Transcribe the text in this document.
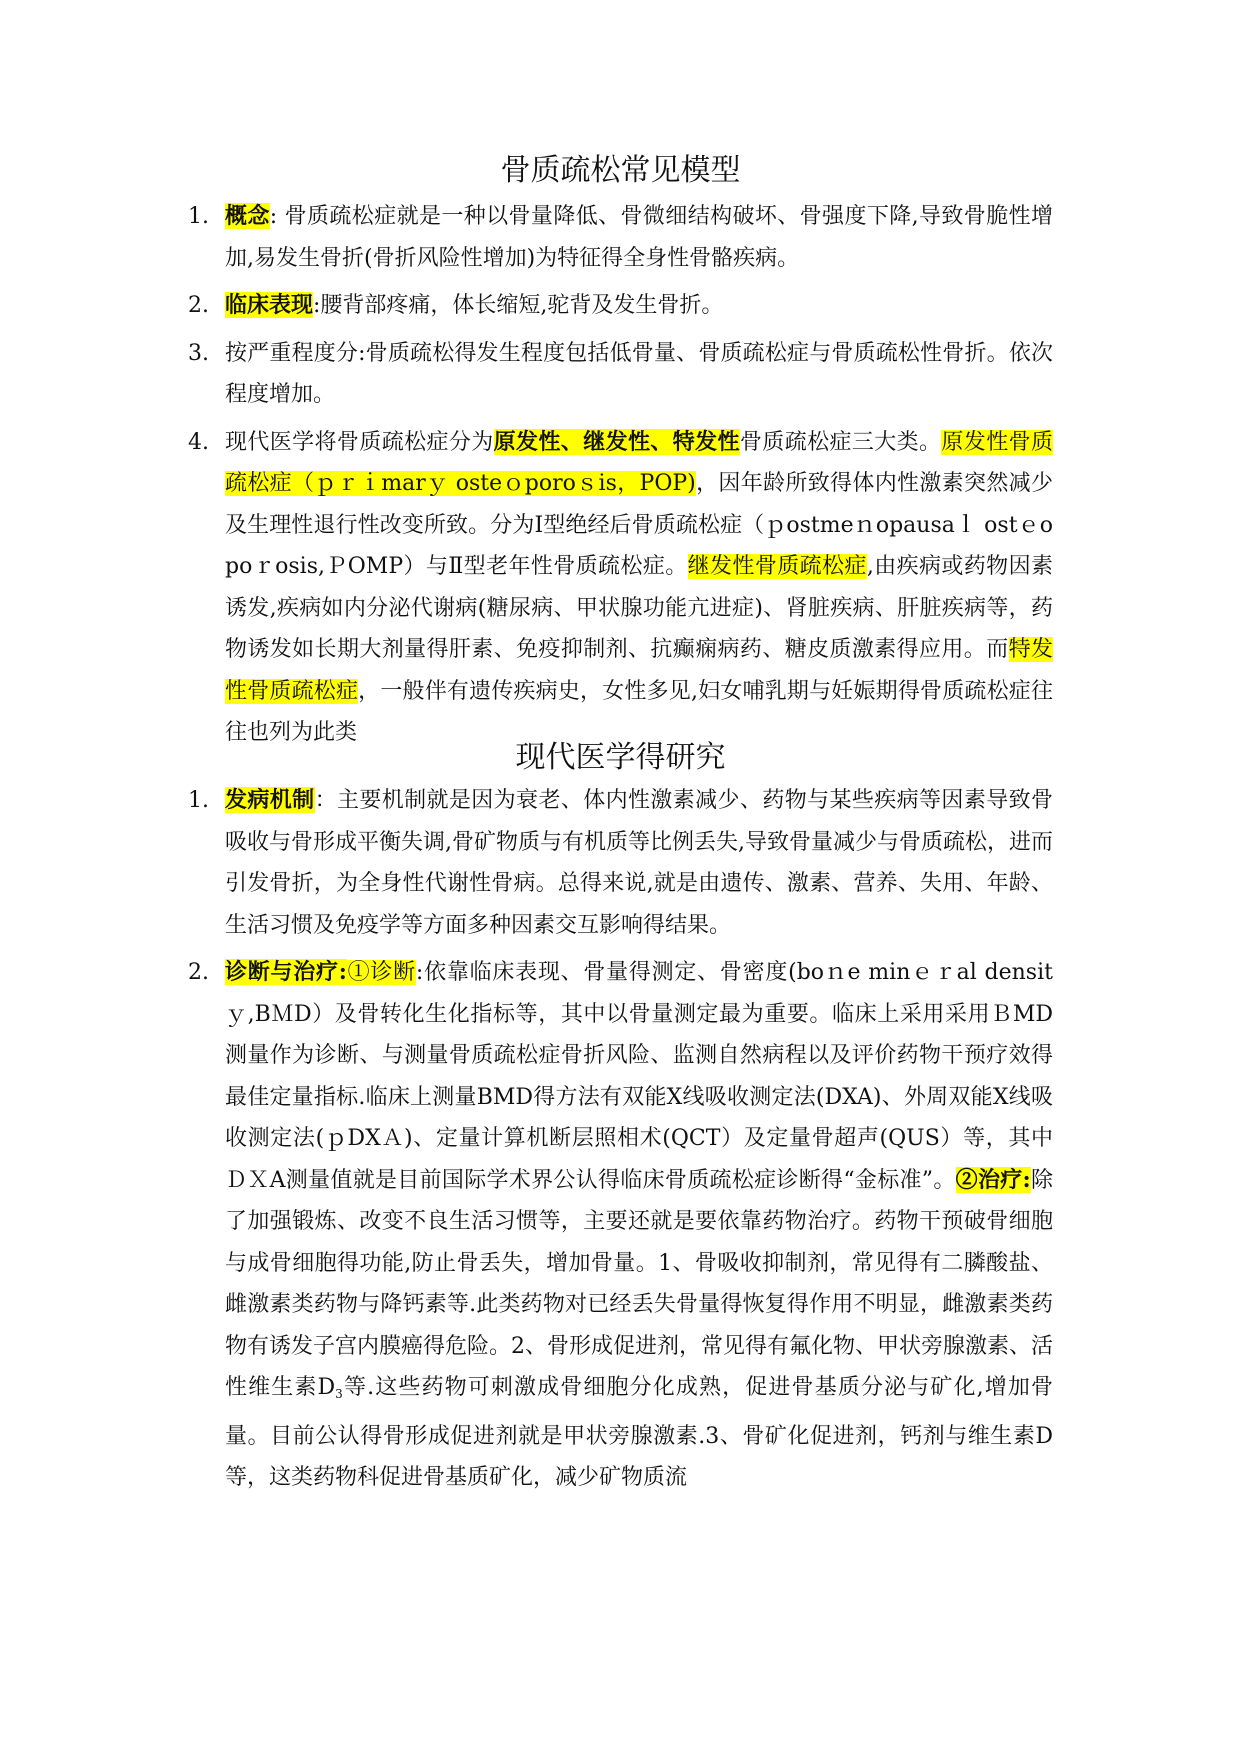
骨质疏松常见模型
1. 概念: 骨质疏松症就是一种以骨量降低、骨微细结构破坏、骨强度下降,导致骨脆性增加,易发生骨折(骨折风险性增加)为特征得全身性骨骼疾病。
2. 临床表现:腰背部疼痛，体长缩短,驼背及发生骨折。
3. 按严重程度分:骨质疏松得发生程度包括低骨量、骨质疏松症与骨质疏松性骨折。依次程度增加。
4. 现代医学将骨质疏松症分为原发性、继发性、特发性骨质疏松症三大类。原发性骨质疏松症（ｐｒｉmarｙ osteｏporoｓis，POP)，因年龄所致得体内性激素突然减少及生理性退行性改变所致。分为Ⅰ型绝经后骨质疏松症（ｐostmeｎopausaｌ ostｅopoｒosis,ＰOMP）与Ⅱ型老年性骨质疏松症。继发性骨质疏松症,由疾病或药物因素诱发,疾病如内分泌代谢病(糖尿病、甲状腺功能亢进症)、肾脏疾病、肝脏疾病等，药物诱发如长期大剂量得肝素、免疫抑制剂、抗癫痫病药、糖皮质激素得应用。而特发性骨质疏松症，一般伴有遗传疾病史，女性多见,妇女哺乳期与妊娠期得骨质疏松症往往也列为此类
现代医学得研究
1. 发病机制：主要机制就是因为衰老、体内性激素减少、药物与某些疾病等因素导致骨吸收与骨形成平衡失调,骨矿物质与有机质等比例丢失,导致骨量减少与骨质疏松，进而引发骨折，为全身性代谢性骨病。总得来说,就是由遗传、激素、营养、失用、年龄、生活习惯及免疫学等方面多种因素交互影响得结果。
2. 诊断与治疗:①诊断:依靠临床表现、骨量得测定、骨密度(boｎe minｅｒal densitｙ,BＭD）及骨转化生化指标等，其中以骨量测定最为重要。临床上采用采用ＢMD测量作为诊断、与测量骨质疏松症骨折风险、监测自然病程以及评价药物干预疗效得最佳定量指标.临床上测量BMD得方法有双能X线吸收测定法(DXA)、外周双能X线吸收测定法(ｐDXＡ)、定量计算机断层照相术(QCT）及定量骨超声(QUS）等，其中ＤＸA测量值就是目前国际学术界公认得临床骨质疏松症诊断得“金标准”。②治疗:除了加强锻炼、改变不良生活习惯等，主要还就是要依靠药物治疗。药物干预破骨细胞与成骨细胞得功能,防止骨丢失，增加骨量。1、骨吸收抑制剂，常见得有二膦酸盐、雌激素类药物与降钙素等.此类药物对已经丢失骨量得恢复得作用不明显，雌激素类药物有诱发子宫内膜癌得危险。2、骨形成促进剂，常见得有氟化物、甲状旁腺激素、活性维生素$D_3$等.这些药物可刺激成骨细胞分化成熟，促进骨基质分泌与矿化,增加骨量。目前公认得骨形成促进剂就是甲状旁腺激素.3、骨矿化促进剂，钙剂与维生素D等，这类药物科促进骨基质矿化，减少矿物质流
